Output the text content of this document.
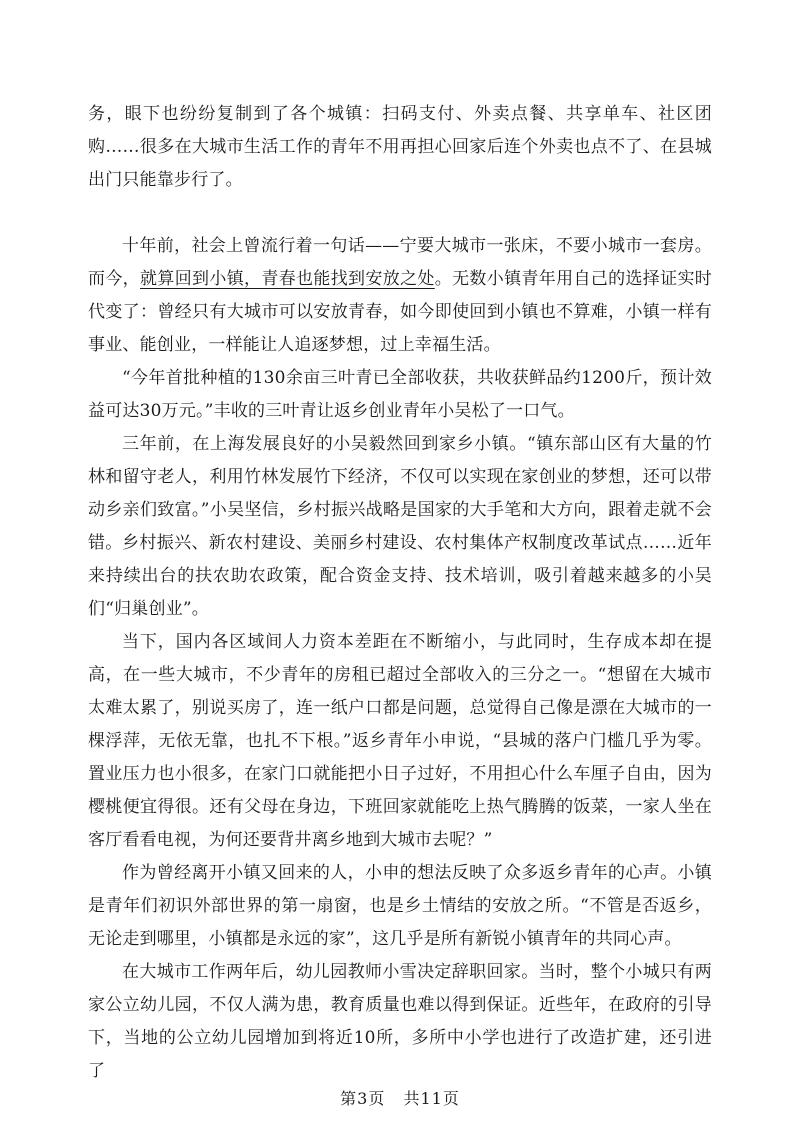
务，眼下也纷纷复制到了各个城镇：扫码支付、外卖点餐、共享单车、社区团购……很多在大城市生活工作的青年不用再担心回家后连个外卖也点不了、在县城出门只能靠步行了。

十年前，社会上曾流行着一句话——宁要大城市一张床，不要小城市一套房。而今，就算回到小镇，青春也能找到安放之处。无数小镇青年用自己的选择证实时代变了：曾经只有大城市可以安放青春，如今即使回到小镇也不算难，小镇一样有事业、能创业，一样能让人追逐梦想，过上幸福生活。

“今年首批种植的130余亩三叶青已全部收获，共收获鲜品约1200斤，预计效益可达30万元。”丰收的三叶青让返乡创业青年小吴松了一口气。

三年前，在上海发展良好的小吴毅然回到家乡小镇。“镇东部山区有大量的竹林和留守老人，利用竹林发展竹下经济，不仅可以实现在家创业的梦想，还可以带动乡亲们致富。”小吴坚信，乡村振兴战略是国家的大手笔和大方向，跟着走就不会错。 乡村振兴、新农村建设、美丽乡村建设、农村集体产权制度改革试点……近年来持续出台的扶农助农政策，配合资金支持、技术培训，吸引着越来越多的小吴们“归巢创业”。

当下，国内各区域间人力资本差距在不断缩小，与此同时，生存成本却在提高，在一些大城市，不少青年的房租已超过全部收入的三分之一。“想留在大城市太难太累了，别说买房了，连一纸户口都是问题，总觉得自己像是漂在大城市的一棵浮萍，无依无靠，也扎不下根。”返乡青年小申说，“县城的落户门槛几乎为零。置业压力也小很多，在家门口就能把小日子过好，不用担心什么车厘子自由，因为樱桃便宜得很。还有父母在身边，下班回家就能吃上热气腾腾的饭菜，一家人坐在客厅看看电视，为何还要背井离乡地到大城市去呢？”

作为曾经离开小镇又回来的人，小申的想法反映了众多返乡青年的心声。小镇是青年们初识外部世界的第一扇窗，也是乡土情结的安放之所。“不管是否返乡，无论走到哪里，小镇都是永远的家”，这几乎是所有新锐小镇青年的共同心声。

在大城市工作两年后，幼儿园教师小雪决定辞职回家。当时，整个小城只有两家公立幼儿园，不仅人满为患，教育质量也难以得到保证。近些年，在政府的引导下，当地的公立幼儿园增加到将近10所，多所中小学也进行了改造扩建，还引进了

第3页 共11页
